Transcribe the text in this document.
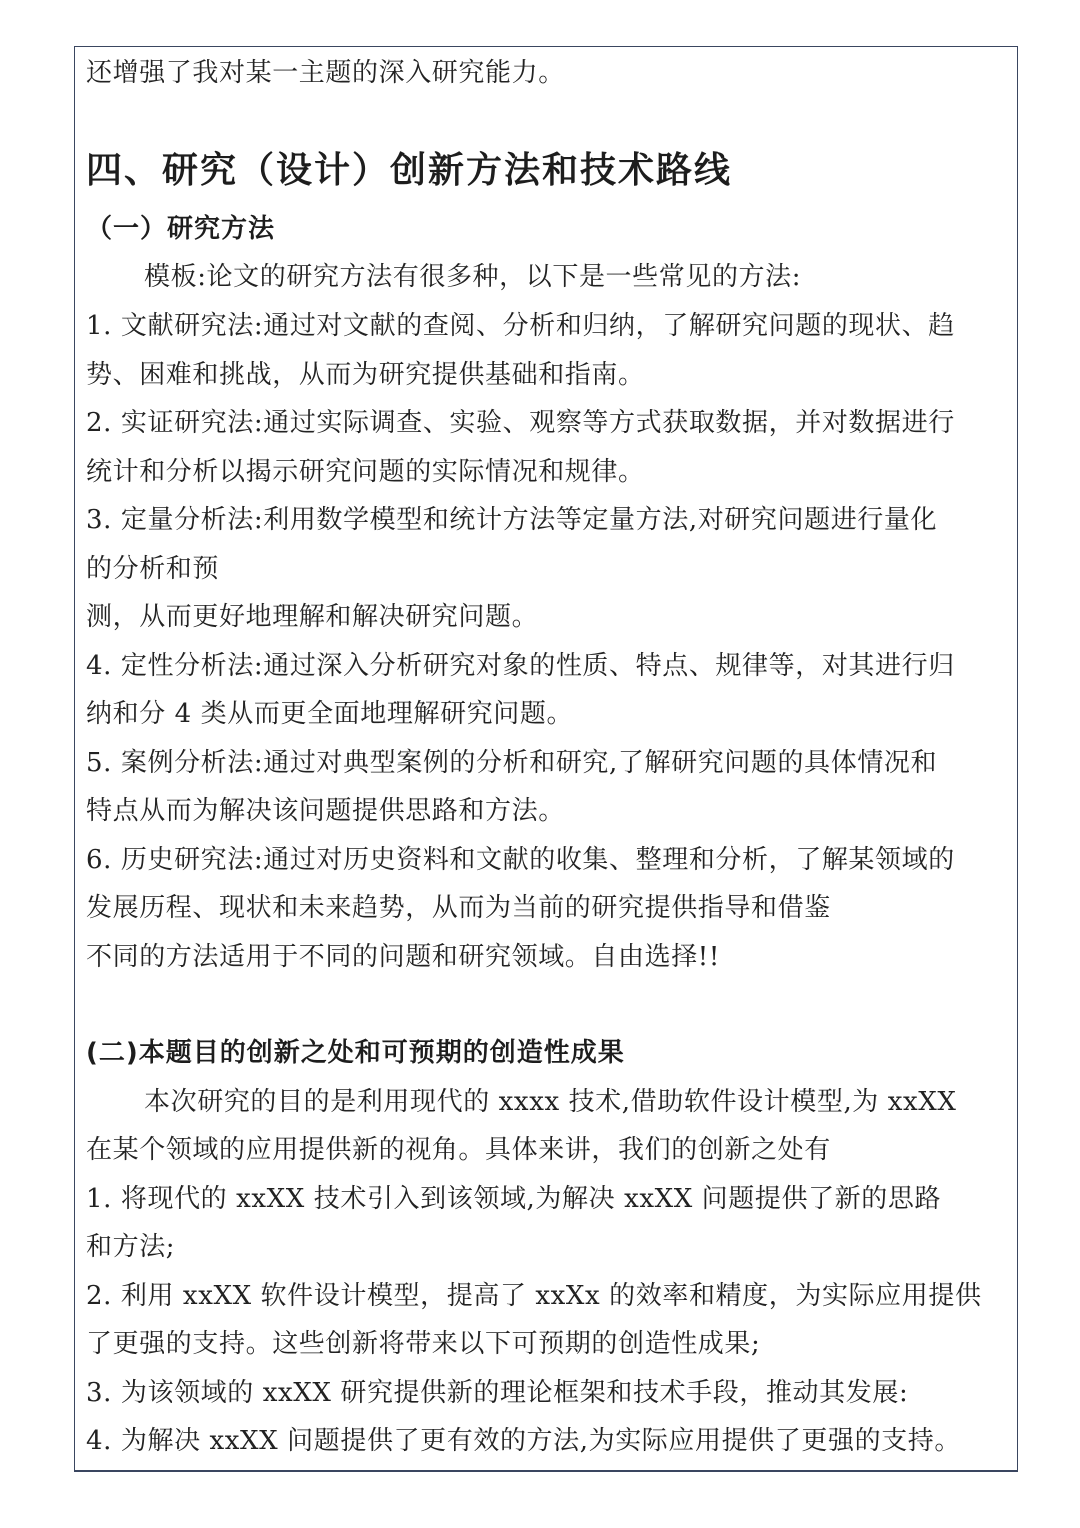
还增强了我对某一主题的深入研究能力。
四、研究（设计）创新方法和技术路线
（一）研究方法
模板:论文的研究方法有很多种，以下是一些常见的方法:
1. 文献研究法:通过对文献的查阅、分析和归纳，了解研究问题的现状、趋
势、困难和挑战，从而为研究提供基础和指南。
2. 实证研究法:通过实际调查、实验、观察等方式获取数据，并对数据进行
统计和分析以揭示研究问题的实际情况和规律。
3. 定量分析法:利用数学模型和统计方法等定量方法,对研究问题进行量化
的分析和预
测，从而更好地理解和解决研究问题。
4. 定性分析法:通过深入分析研究对象的性质、特点、规律等，对其进行归
纳和分 4 类从而更全面地理解研究问题。
5. 案例分析法:通过对典型案例的分析和研究,了解研究问题的具体情况和
特点从而为解决该问题提供思路和方法。
6. 历史研究法:通过对历史资料和文献的收集、整理和分析，了解某领域的
发展历程、现状和未来趋势，从而为当前的研究提供指导和借鉴
不同的方法适用于不同的问题和研究领域。自由选择!!
(二)本题目的创新之处和可预期的创造性成果
本次研究的目的是利用现代的 xxxx 技术,借助软件设计模型,为 xxXX
在某个领域的应用提供新的视角。具体来讲，我们的创新之处有
1. 将现代的 xxXX 技术引入到该领域,为解决 xxXX 问题提供了新的思路
和方法;
2. 利用 xxXX 软件设计模型，提高了 xxXx 的效率和精度，为实际应用提供
了更强的支持。这些创新将带来以下可预期的创造性成果;
3. 为该领域的 xxXX 研究提供新的理论框架和技术手段，推动其发展:
4. 为解决 xxXX 问题提供了更有效的方法,为实际应用提供了更强的支持。
